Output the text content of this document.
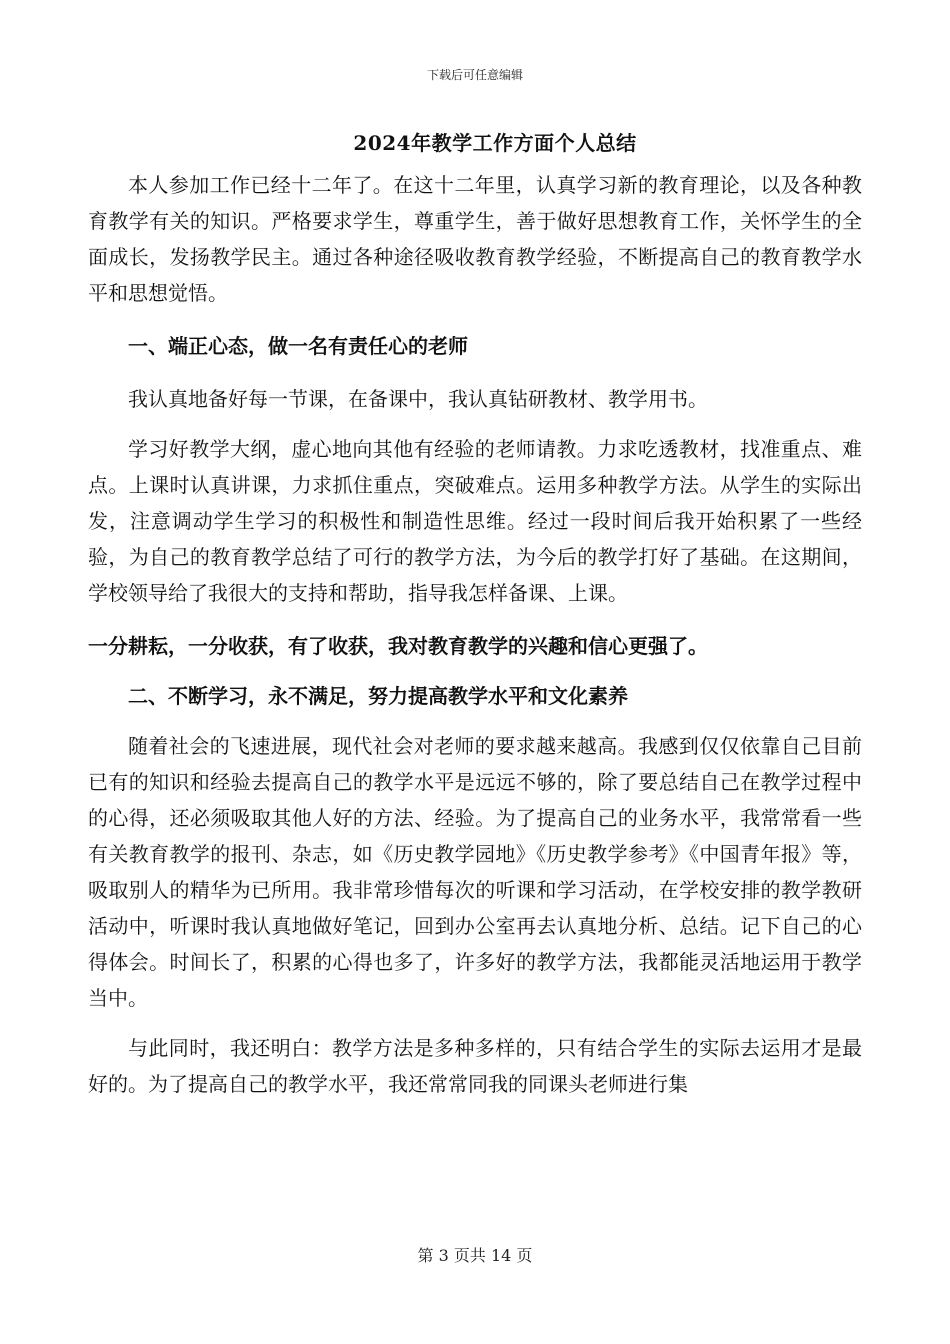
下载后可任意编辑
2024年教学工作方面个人总结

本人参加工作已经十二年了。在这十二年里，认真学习新的教育理论，以及各种教育教学有关的知识。严格要求学生，尊重学生，善于做好思想教育工作，关怀学生的全面成长，发扬教学民主。通过各种途径吸收教育教学经验，不断提高自己的教育教学水平和思想觉悟。

一、端正心态，做一名有责任心的老师

我认真地备好每一节课，在备课中，我认真钻研教材、教学用书。

学习好教学大纲，虚心地向其他有经验的老师请教。力求吃透教材，找准重点、难点。上课时认真讲课，力求抓住重点，突破难点。运用多种教学方法。从学生的实际出发，注意调动学生学习的积极性和制造性思维。经过一段时间后我开始积累了一些经验，为自己的教育教学总结了可行的教学方法，为今后的教学打好了基础。在这期间，学校领导给了我很大的支持和帮助，指导我怎样备课、上课。

一分耕耘，一分收获，有了收获，我对教育教学的兴趣和信心更强了。

二、不断学习，永不满足，努力提高教学水平和文化素养

随着社会的飞速进展，现代社会对老师的要求越来越高。我感到仅仅依靠自己目前已有的知识和经验去提高自己的教学水平是远远不够的，除了要总结自己在教学过程中的心得，还必须吸取其他人好的方法、经验。为了提高自己的业务水平，我常常看一些有关教育教学的报刊、杂志，如《历史教学园地》《历史教学参考》《中国青年报》等，吸取别人的精华为已所用。我非常珍惜每次的听课和学习活动，在学校安排的教学教研活动中，听课时我认真地做好笔记，回到办公室再去认真地分析、总结。记下自己的心得体会。时间长了，积累的心得也多了，许多好的教学方法，我都能灵活地运用于教学当中。

与此同时，我还明白：教学方法是多种多样的，只有结合学生的实际去运用才是最好的。为了提高自己的教学水平，我还常常同我的同课头老师进行集

第 3 页共 14 页
